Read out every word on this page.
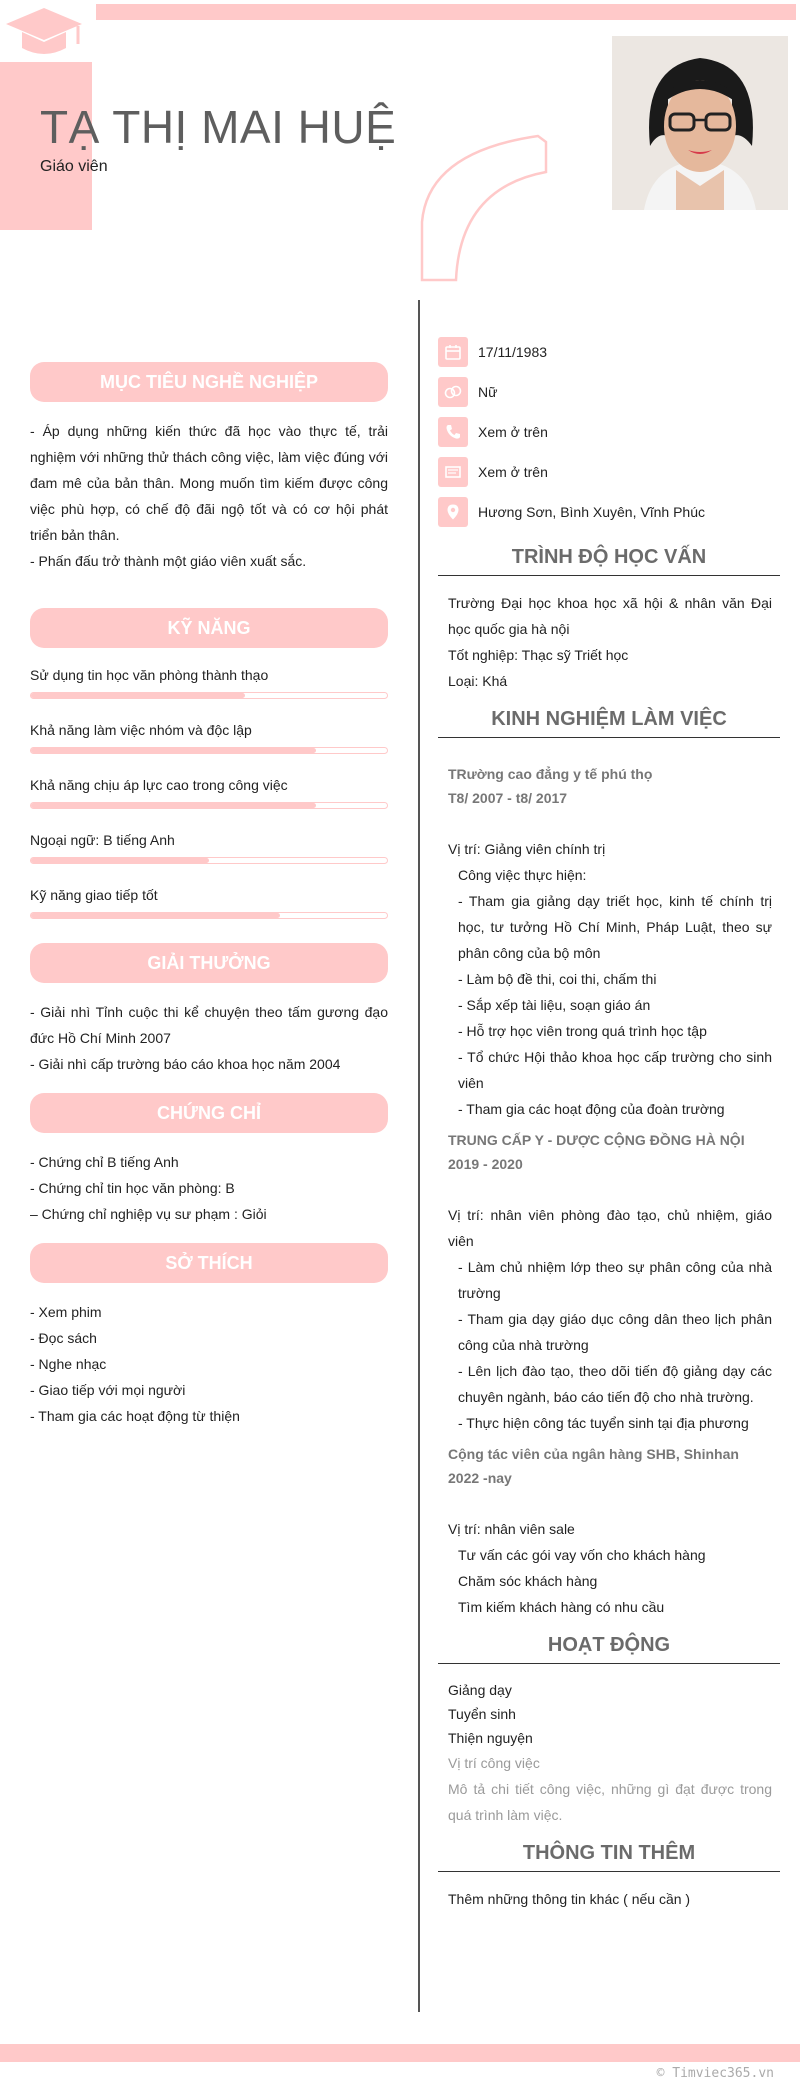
TẠ THỊ MAI HUỆ
Giáo viên
MỤC TIÊU NGHỀ NGHIỆP
- Áp dụng những kiến thức đã học vào thực tế, trải nghiệm với những thử thách công việc, làm việc đúng với đam mê của bản thân. Mong muốn tìm kiếm được công việc phù hợp, có chế độ đãi ngộ tốt và có cơ hội phát triển bản thân.
- Phấn đấu trở thành một giáo viên xuất sắc.
KỸ NĂNG
Sử dụng tin học văn phòng thành thạo
Khả năng làm việc nhóm và độc lập
Khả năng chịu áp lực cao trong công việc
Ngoại ngữ: B tiếng Anh
Kỹ năng giao tiếp tốt
GIẢI THƯỞNG
- Giải nhì Tỉnh cuộc thi kể chuyện theo tấm gương đạo đức Hồ Chí Minh 2007
- Giải nhì cấp trường báo cáo khoa học năm 2004
CHỨNG CHỈ
- Chứng chỉ B tiếng Anh
- Chứng chỉ tin học văn phòng: B
– Chứng chỉ nghiệp vụ sư phạm : Giỏi
SỞ THÍCH
- Xem phim
- Đọc sách
- Nghe nhạc
- Giao tiếp với mọi người
- Tham gia các hoạt động từ thiện
17/11/1983
Nữ
Xem ở trên
Xem ở trên
Hương Sơn, Bình Xuyên, Vĩnh Phúc
TRÌNH ĐỘ HỌC VẤN
Trường Đại học khoa học xã hội & nhân văn Đại học quốc gia hà nội
Tốt nghiệp: Thạc sỹ Triết học
Loại: Khá
KINH NGHIỆM LÀM VIỆC
TRường cao đẳng y tế phú thọ
T8/ 2007 - t8/ 2017
Vị trí: Giảng viên chính trị
Công việc thực hiện:
- Tham gia giảng dạy triết học, kinh tế chính trị học, tư tưởng Hồ Chí Minh, Pháp Luật, theo sự phân công của bộ môn
- Làm bộ đề thi, coi thi, chấm thi
- Sắp xếp tài liệu, soạn giáo án
- Hỗ trợ học viên trong quá trình học tập
- Tổ chức Hội thảo khoa học cấp trường cho sinh viên
- Tham gia các hoạt động của đoàn trường
TRUNG CẤP Y - DƯỢC CỘNG ĐỒNG HÀ NỘI
2019 - 2020
Vị trí: nhân viên phòng đào tạo, chủ nhiệm, giáo viên
- Làm chủ nhiệm lớp theo sự phân công của nhà trường
- Tham gia dạy giáo dục công dân theo lịch phân công của nhà trường
- Lên lịch đào tạo, theo dõi tiến độ giảng dạy các chuyên ngành, báo cáo tiến độ cho nhà trường.
- Thực hiện công tác tuyển sinh tại địa phương
Cộng tác viên của ngân hàng SHB, Shinhan
2022 -nay
Vị trí: nhân viên sale
Tư vấn các gói vay vốn cho khách hàng
Chăm sóc khách hàng
Tìm kiếm khách hàng có nhu cầu
HOẠT ĐỘNG
Giảng dạy
Tuyển sinh
Thiện nguyện
Vị trí công việc
Mô tả chi tiết công việc, những gì đạt được trong quá trình làm việc.
THÔNG TIN THÊM
Thêm những thông tin khác ( nếu cần )
© Timviec365.vn
